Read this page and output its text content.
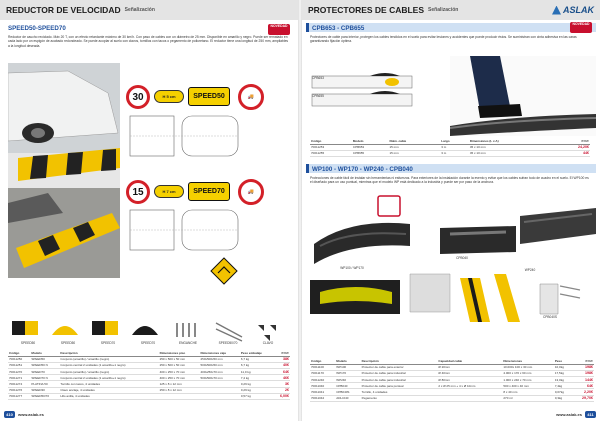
REDUCTOR DE VELOCIDAD Señalización
SPEED50-SPEED70	NOVEDAD
Reductor de caucho reciclado. Máx 20 T, con un efecto retardante máximo de 30 km/h. Con paso de cables con un diámetro de 25 mm. Disponible en amarillo y negro. Puede ser rematado en cada lado por un espigón de acabado redondeado. Se puede acoplar al suelo con clavos, tornillos con tacos o pegamento de poliuretano. El reductor tiene una longitud de 250 mm, ampliables a la longitud deseada.
30	H 5 cm	SPEED50	🚚
15	H 7 cm	SPEED70	🚚
SPEED50	SPEED50	SPEED70	SPEED70	ENGANCHE	SPEED50/70	CLAVO
Código	Modelo	Descripción	Dimensiones piso	Dimensiones caja	Peso embalaje	P.V.P.
70011250	SPEED50	Conjunto (amarillo) / amarillo (negro)	250 x 500 x 50 mm	250x500x50 mm	6,7 kg	38€
70011251	SPEED50 N	Conjunto central 2 unidades (1 amarillo+1 negro)	250 x 500 x 50 mm	500x500x50 mm	6,7 kg	40€
70011270	SPEED70	Conjunto (amarillo) / amarillo (negro)	400 x 250 x 70 mm	400x250x70 mm	11,0 kg	64€
70011271	SPEED70 N	Conjunto central 2 unidades (1 amarillo+1 negro)	400 x 250 x 70 mm	500x500x70 mm	7,4 kg	46€
70011274	PLATINA 50	Tornillo con tacos, 4 unidades	125 x 8 x 12 mm		0,29 kg	3€
70011276	SPEED30	Clavo anclaje, 4 unidades	250 x 8 x 12 mm		0,29 kg	2€
70011277	SPEED50/70	Hilo anilla, 4 unidades			0,57 kg	6,00€
410	www.aslak.es
PROTECTORES DE CABLES Señalización	ASLAK
CPB653 - CPB655
NOVEDAD
Protectores de cable para interior, protegen los cables tendidos en el suelo para evitar lesiones y accidentes que puede producir éstos. Se suministran con cinta adhesiva en las caras garantizando fijación óptima.
CPB653
CPB655
Código	Modelo	Diám. cable	Largo	Dimensiones (L x A)	P.V.P.
70011253	CPB653	15 mm	3 m	45 x 10 mm	24,20€
70011255	CPB655	15 mm	3 m	45 x 10 mm	44€
WP100 - WP170 - WP240 - CPB040
Protecciones de cable fácil de instalar sin herramientas ni esfuerzos. Para exteriores de la instalación durante la evento y evitar que los cables sufran todo de cuadro en el suelo. El WP100 es el diseñado para un uso puntual, mientras que el modelo WP está dedicado a la industria y puede ser por paso de la anchura.
WP100 / WP170
CPB040
WP240
CPB040S
Código	Modelo	Descripción	Capacidad cable	Dimensiones	Peso	P.V.P.
70011100	WP100	Protector de cable para exterior	Ø 20mm	10.000x 100 x 30 mm	10,0kg	198€
70011170	WP170	Protector de cable para industrial	Ø 40mm	4.000 x 170 x 60 mm	17,5kg	198€
70011240	WP240	Protector de cable para industrial	Ø 80mm	1.000 x 240 x 70 mm	13,0kg	144€
70011040	CPB040	Protector de cable para puntual	2 x Ø 25 mm + 4 x Ø 10mm	500 x 400 x 40 mm	7,4kg	64€
70011041	CPB040S	Tornillo, 4 unidades		8 x 40 mm	0,07kg	2,20€
70011042	ADH.040	Pegamento		270 ml	0,3kg	29,70€
www.aslak.es	411
